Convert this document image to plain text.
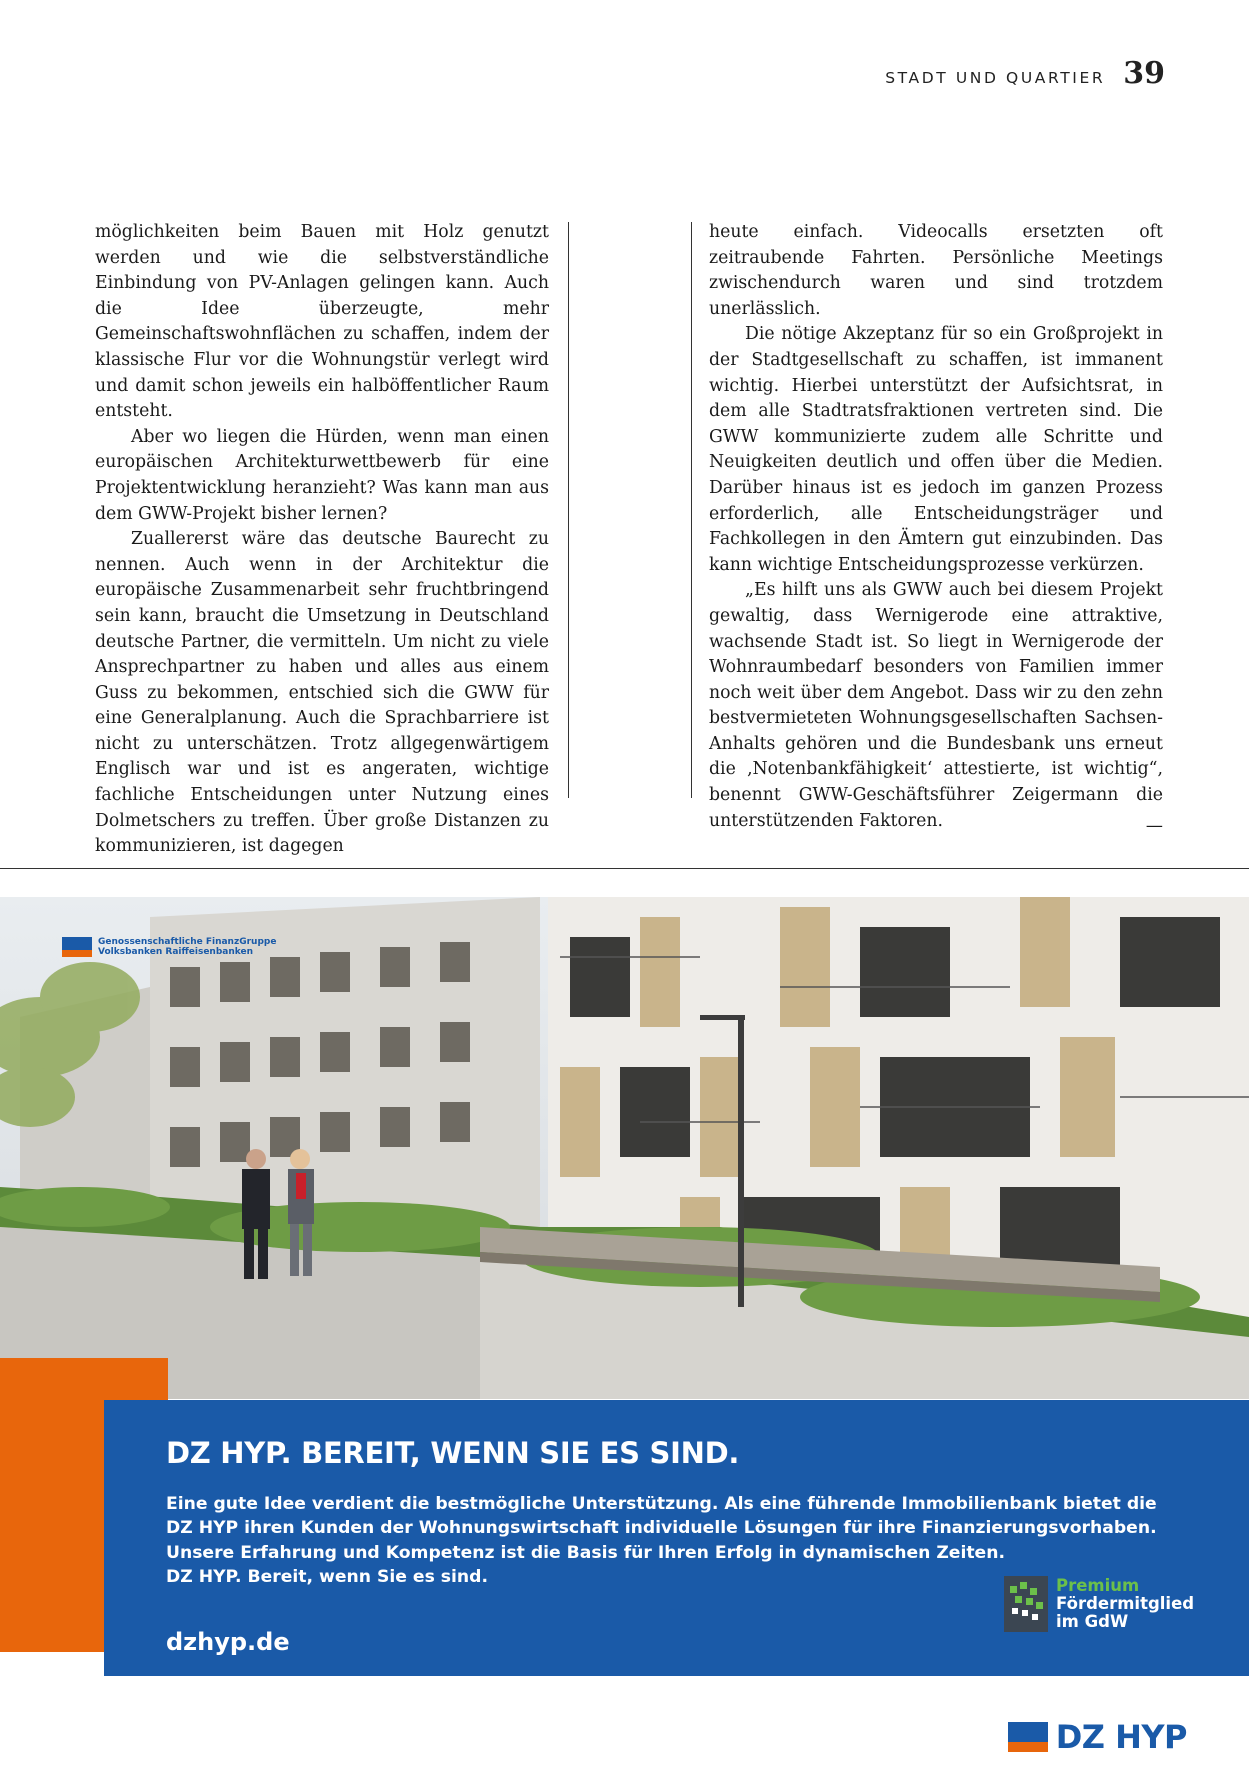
STADT UND QUARTIER 39

möglichkeiten beim Bauen mit Holz genutzt werden und wie die selbstverständliche Einbindung von PV-Anlagen gelingen kann. Auch die Idee überzeugte, mehr Gemeinschaftswohnflächen zu schaffen, indem der klassische Flur vor die Wohnungstür verlegt wird und damit schon jeweils ein halböffentlicher Raum entsteht.

Aber wo liegen die Hürden, wenn man einen europäischen Architekturwettbewerb für eine Projektentwicklung heranzieht? Was kann man aus dem GWW-Projekt bisher lernen?

Zuallererst wäre das deutsche Baurecht zu nennen. Auch wenn in der Architektur die europäische Zusammenarbeit sehr fruchtbringend sein kann, braucht die Umsetzung in Deutschland deutsche Partner, die vermitteln. Um nicht zu viele Ansprechpartner zu haben und alles aus einem Guss zu bekommen, entschied sich die GWW für eine Generalplanung. Auch die Sprachbarriere ist nicht zu unterschätzen. Trotz allgegenwärtigem Englisch war und ist es angeraten, wichtige fachliche Entscheidungen unter Nutzung eines Dolmetschers zu treffen. Über große Distanzen zu kommunizieren, ist dagegen

heute einfach. Videocalls ersetzten oft zeitraubende Fahrten. Persönliche Meetings zwischendurch waren und sind trotzdem unerlässlich.

Die nötige Akzeptanz für so ein Großprojekt in der Stadtgesellschaft zu schaffen, ist immanent wichtig. Hierbei unterstützt der Aufsichtsrat, in dem alle Stadtratsfraktionen vertreten sind. Die GWW kommunizierte zudem alle Schritte und Neuigkeiten deutlich und offen über die Medien. Darüber hinaus ist es jedoch im ganzen Prozess erforderlich, alle Entscheidungsträger und Fachkollegen in den Ämtern gut einzubinden. Das kann wichtige Entscheidungsprozesse verkürzen.

„Es hilft uns als GWW auch bei diesem Projekt gewaltig, dass Wernigerode eine attraktive, wachsende Stadt ist. So liegt in Wernigerode der Wohnraumbedarf besonders von Familien immer noch weit über dem Angebot. Dass wir zu den zehn bestvermieteten Wohnungsgesellschaften Sachsen-Anhalts gehören und die Bundesbank uns erneut die ‚Notenbankfähigkeit‘ attestierte, ist wichtig“, benennt GWW-Geschäftsführer Zeigermann die unterstützenden Faktoren.	—
Genossenschaftliche FinanzGruppe
Volksbanken Raiffeisenbanken
DZ HYP. BEREIT, WENN SIE ES SIND.
Eine gute Idee verdient die bestmögliche Unterstützung. Als eine führende Immobilienbank bietet die
DZ HYP ihren Kunden der Wohnungswirtschaft individuelle Lösungen für ihre Finanzierungsvorhaben.
Unsere Erfahrung und Kompetenz ist die Basis für Ihren Erfolg in dynamischen Zeiten.
DZ HYP. Bereit, wenn Sie es sind.
dzhyp.de
Premium
Fördermitglied
im GdW
DZ HYP
